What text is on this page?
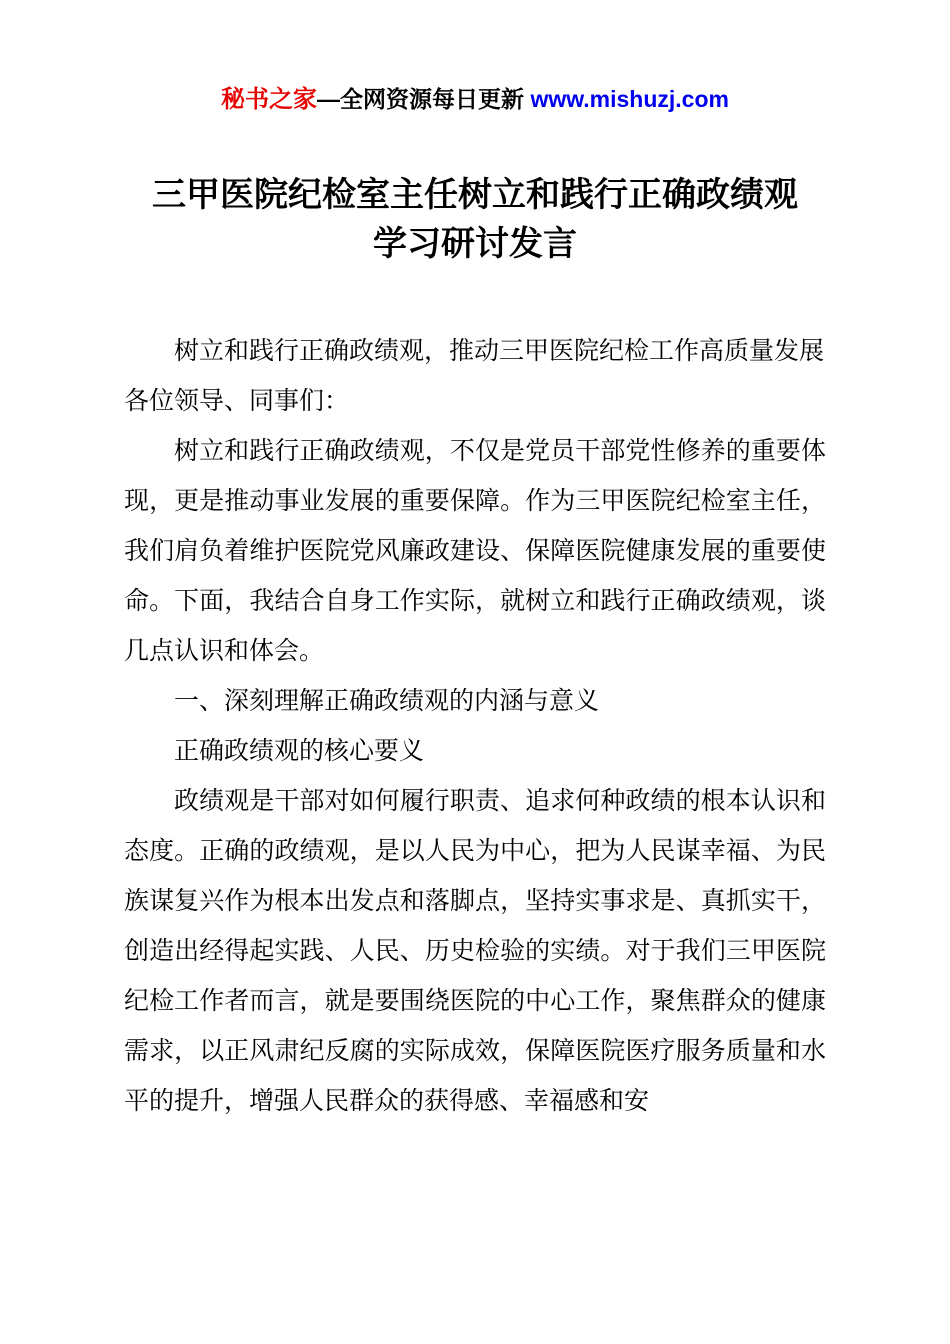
秘书之家—全网资源每日更新 www.mishuzj.com
三甲医院纪检室主任树立和践行正确政绩观
学习研讨发言

树立和践行正确政绩观，推动三甲医院纪检工作高质量发展

各位领导、同事们：

树立和践行正确政绩观，不仅是党员干部党性修养的重要体现，更是推动事业发展的重要保障。作为三甲医院纪检室主任，我们肩负着维护医院党风廉政建设、保障医院健康发展的重要使命。下面，我结合自身工作实际，就树立和践行正确政绩观，谈几点认识和体会。

一、深刻理解正确政绩观的内涵与意义

正确政绩观的核心要义

政绩观是干部对如何履行职责、追求何种政绩的根本认识和态度。正确的政绩观，是以人民为中心，把为人民谋幸福、为民族谋复兴作为根本出发点和落脚点，坚持实事求是、真抓实干，创造出经得起实践、人民、历史检验的实绩。对于我们三甲医院纪检工作者而言，就是要围绕医院的中心工作，聚焦群众的健康需求，以正风肃纪反腐的实际成效，保障医院医疗服务质量和水平的提升，增强人民群众的获得感、幸福感和安
